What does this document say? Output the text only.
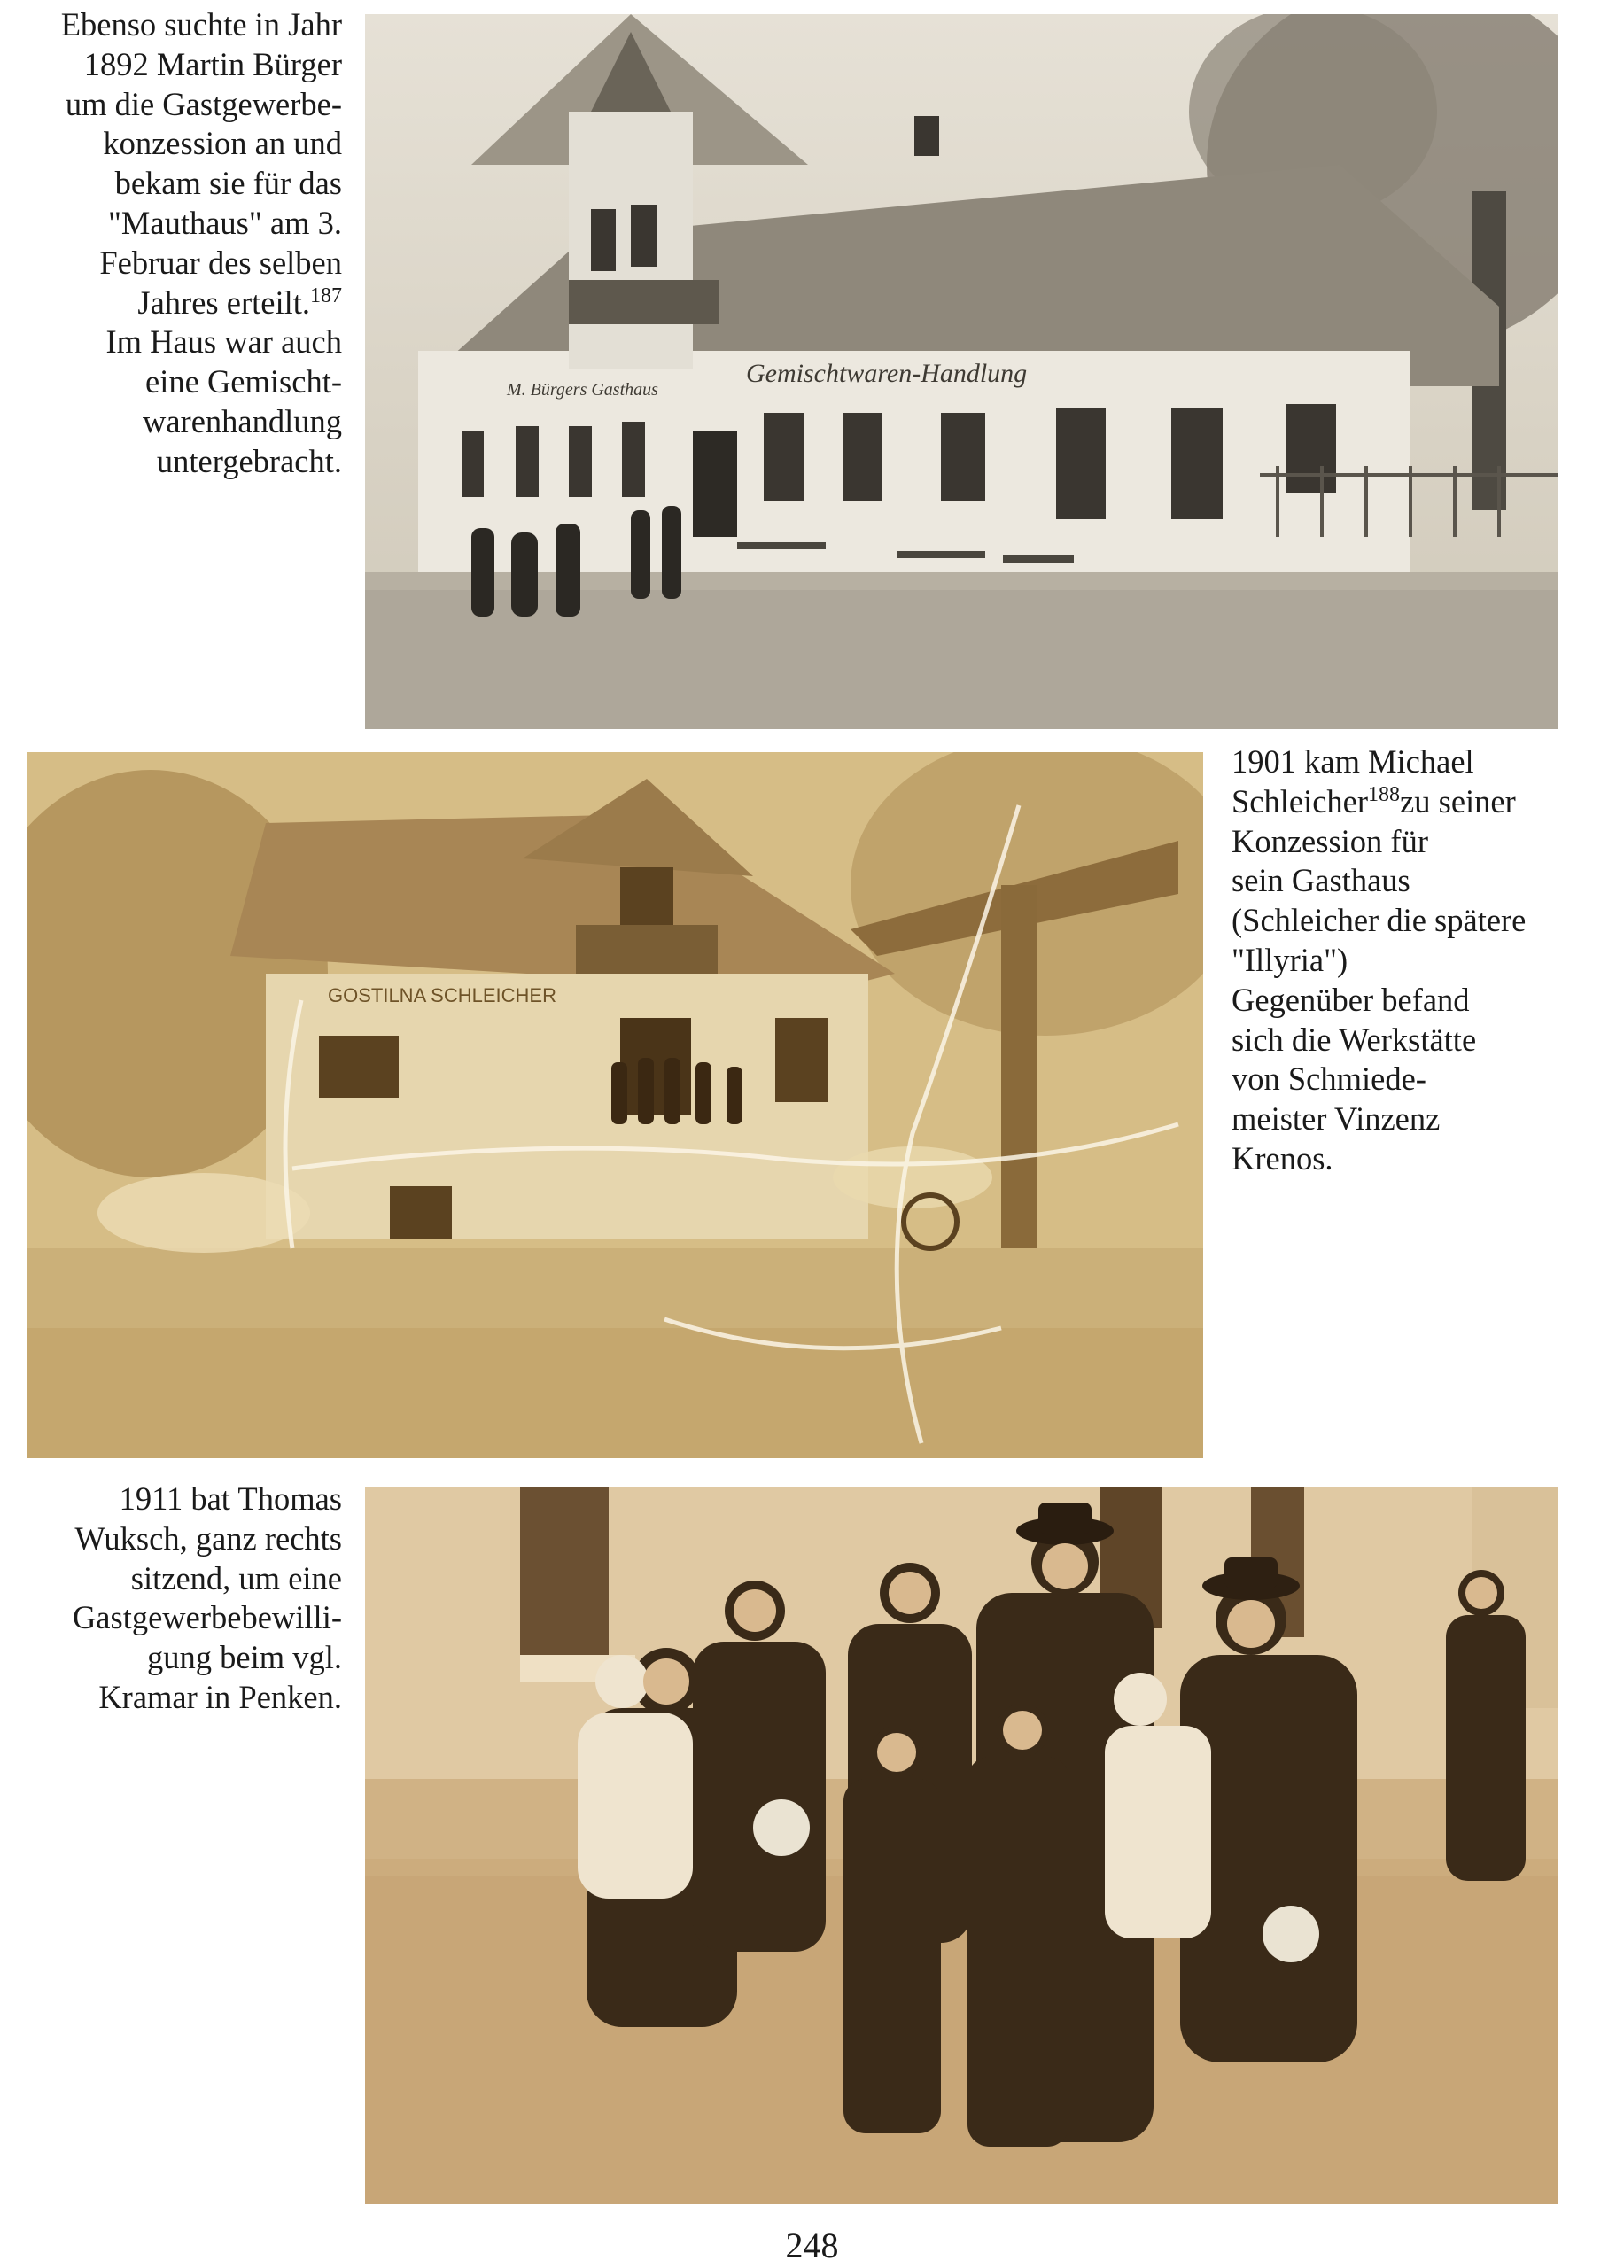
Ebenso suchte in Jahr
1892 Martin Bürger
um die Gastgewerbe-
konzession an und
bekam sie für das
"Mauthaus" am 3.
Februar des selben
Jahres erteilt.$^{187}$
Im Haus war auch
eine Gemischt-
warenhandlung
untergebracht.
M. Bürgers Gasthaus
Gemischtwaren-Handlung
GOSTILNA SCHLEICHER
1901 kam Michael
Schleicher$^{188}$zu seiner
Konzession für
sein Gasthaus
(Schleicher die spätere
"Illyria")
Gegenüber befand
sich die Werkstätte
von Schmiede-
meister Vinzenz
Krenos.
1911 bat Thomas
Wuksch, ganz rechts
sitzend, um eine
Gastgewerbebewilli-
gung beim vgl.
Kramar in Penken.
248
